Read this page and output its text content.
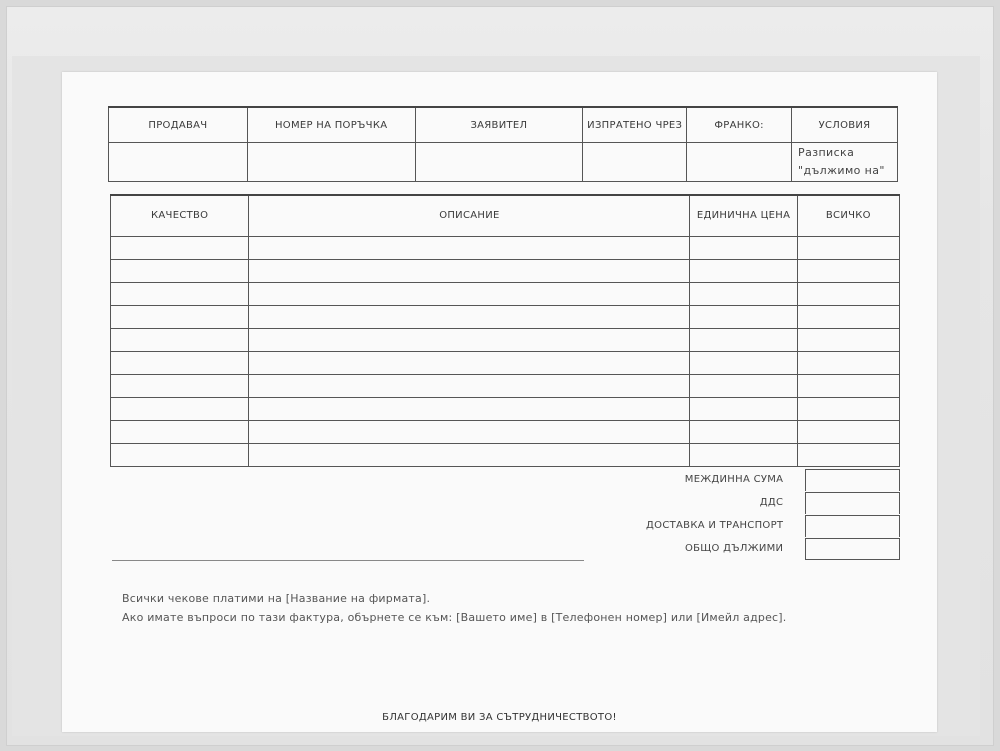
ПРОДАВАЧ	НОМЕР НА ПОРЪЧКА	ЗАЯВИТЕЛ	ИЗПРАТЕНО ЧРЕЗ	ФРАНКО:	УСЛОВИЯ
					Разписка "дължимо на"
КАЧЕСТВО	ОПИСАНИЕ	ЕДИНИЧНА ЦЕНА	ВСИЧКО

МЕЖДИННА СУМА
ДДС
ДОСТАВКА И ТРАНСПОРТ
ОБЩО ДЪЛЖИМИ
Всички чекове платими на [Название на фирмата].
Ако имате въпроси по тази фактура, обърнете се към: [Вашето име] в [Телефонен номер] или [Имейл адрес].
БЛАГОДАРИМ ВИ ЗА СЪТРУДНИЧЕСТВОТО!
